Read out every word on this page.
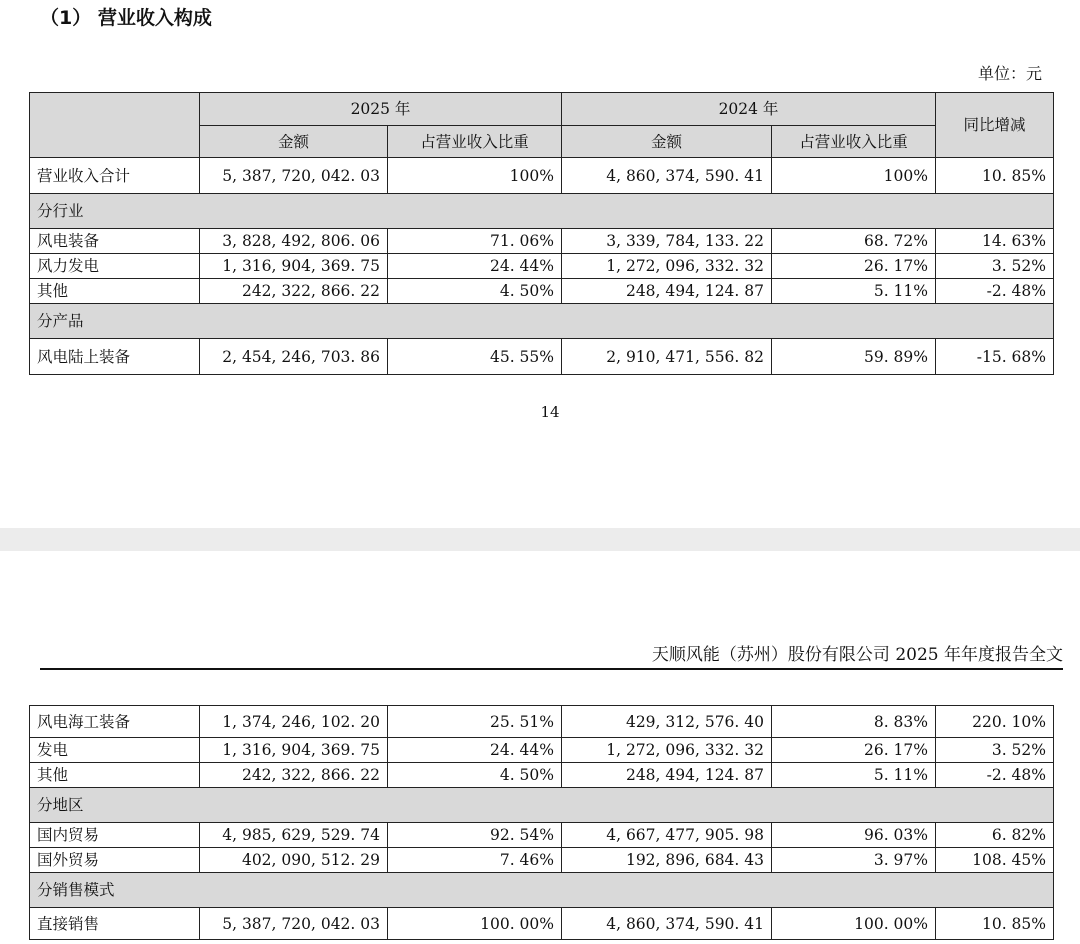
（1） 营业收入构成
单位：元
	2025 年		2024 年		同比增减
	金额	占营业收入比重	金额	占营业收入比重	
营业收入合计	5, 387, 720, 042. 03	100%	4, 860, 374, 590. 41	100%	10. 85%
分行业					
风电装备	3, 828, 492, 806. 06	71. 06%	3, 339, 784, 133. 22	68. 72%	14. 63%
风力发电	1, 316, 904, 369. 75	24. 44%	1, 272, 096, 332. 32	26. 17%	3. 52%
其他	242, 322, 866. 22	4. 50%	248, 494, 124. 87	5. 11%	-2. 48%
分产品					
风电陆上装备	2, 454, 246, 703. 86	45. 55%	2, 910, 471, 556. 82	59. 89%	-15. 68%
14
天顺风能（苏州）股份有限公司 2025 年年度报告全文
风电海工装备	1, 374, 246, 102. 20	25. 51%	429, 312, 576. 40	8. 83%	220. 10%
发电	1, 316, 904, 369. 75	24. 44%	1, 272, 096, 332. 32	26. 17%	3. 52%
其他	242, 322, 866. 22	4. 50%	248, 494, 124. 87	5. 11%	-2. 48%
分地区					
国内贸易	4, 985, 629, 529. 74	92. 54%	4, 667, 477, 905. 98	96. 03%	6. 82%
国外贸易	402, 090, 512. 29	7. 46%	192, 896, 684. 43	3. 97%	108. 45%
分销售模式					
直接销售	5, 387, 720, 042. 03	100. 00%	4, 860, 374, 590. 41	100. 00%	10. 85%
